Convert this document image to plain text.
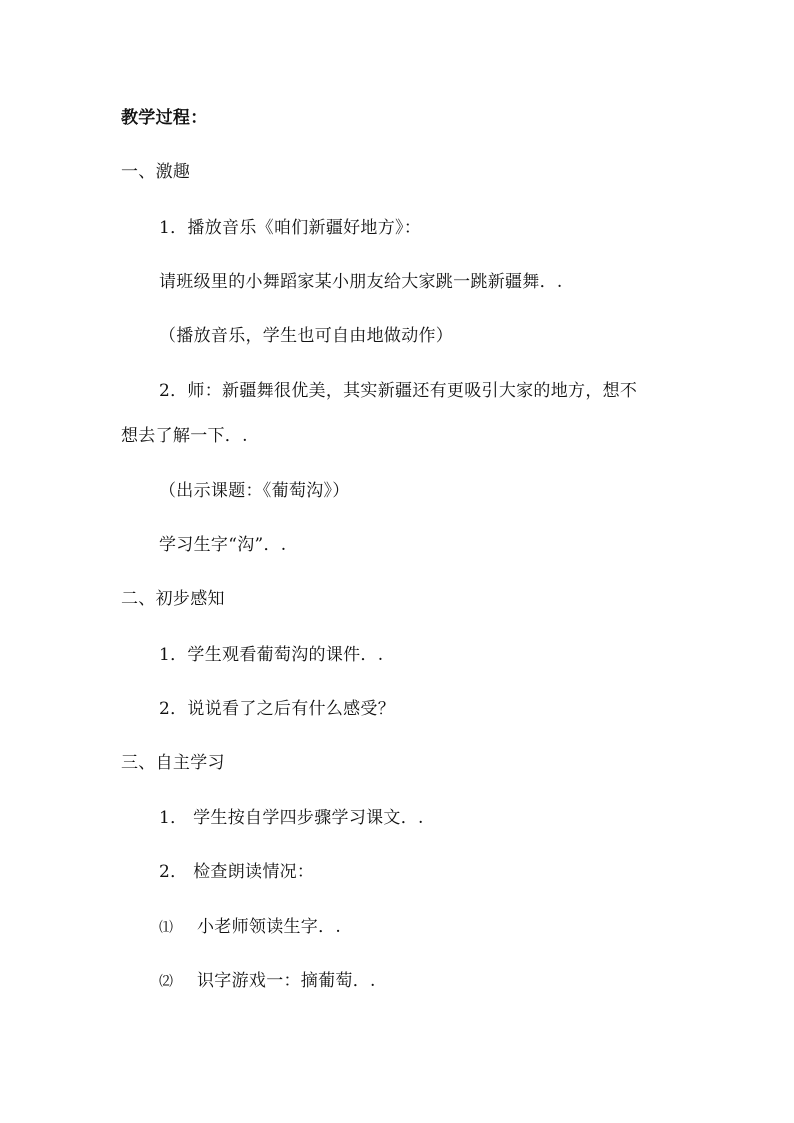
教学过程：
一、激趣
1．播放音乐《咱们新疆好地方》：
请班级里的小舞蹈家某小朋友给大家跳一跳新疆舞．.
（播放音乐，学生也可自由地做动作）
2．师：新疆舞很优美，其实新疆还有更吸引大家的地方，想不
想去了解一下．.
（出示课题：《葡萄沟》）
学习生字“沟”．.
二、初步感知
1．学生观看葡萄沟的课件．.
2．说说看了之后有什么感受？
三、自主学习
1． 学生按自学四步骤学习课文．.
2． 检查朗读情况：
⑴ 小老师领读生字．.
⑵ 识字游戏一：摘葡萄．.
